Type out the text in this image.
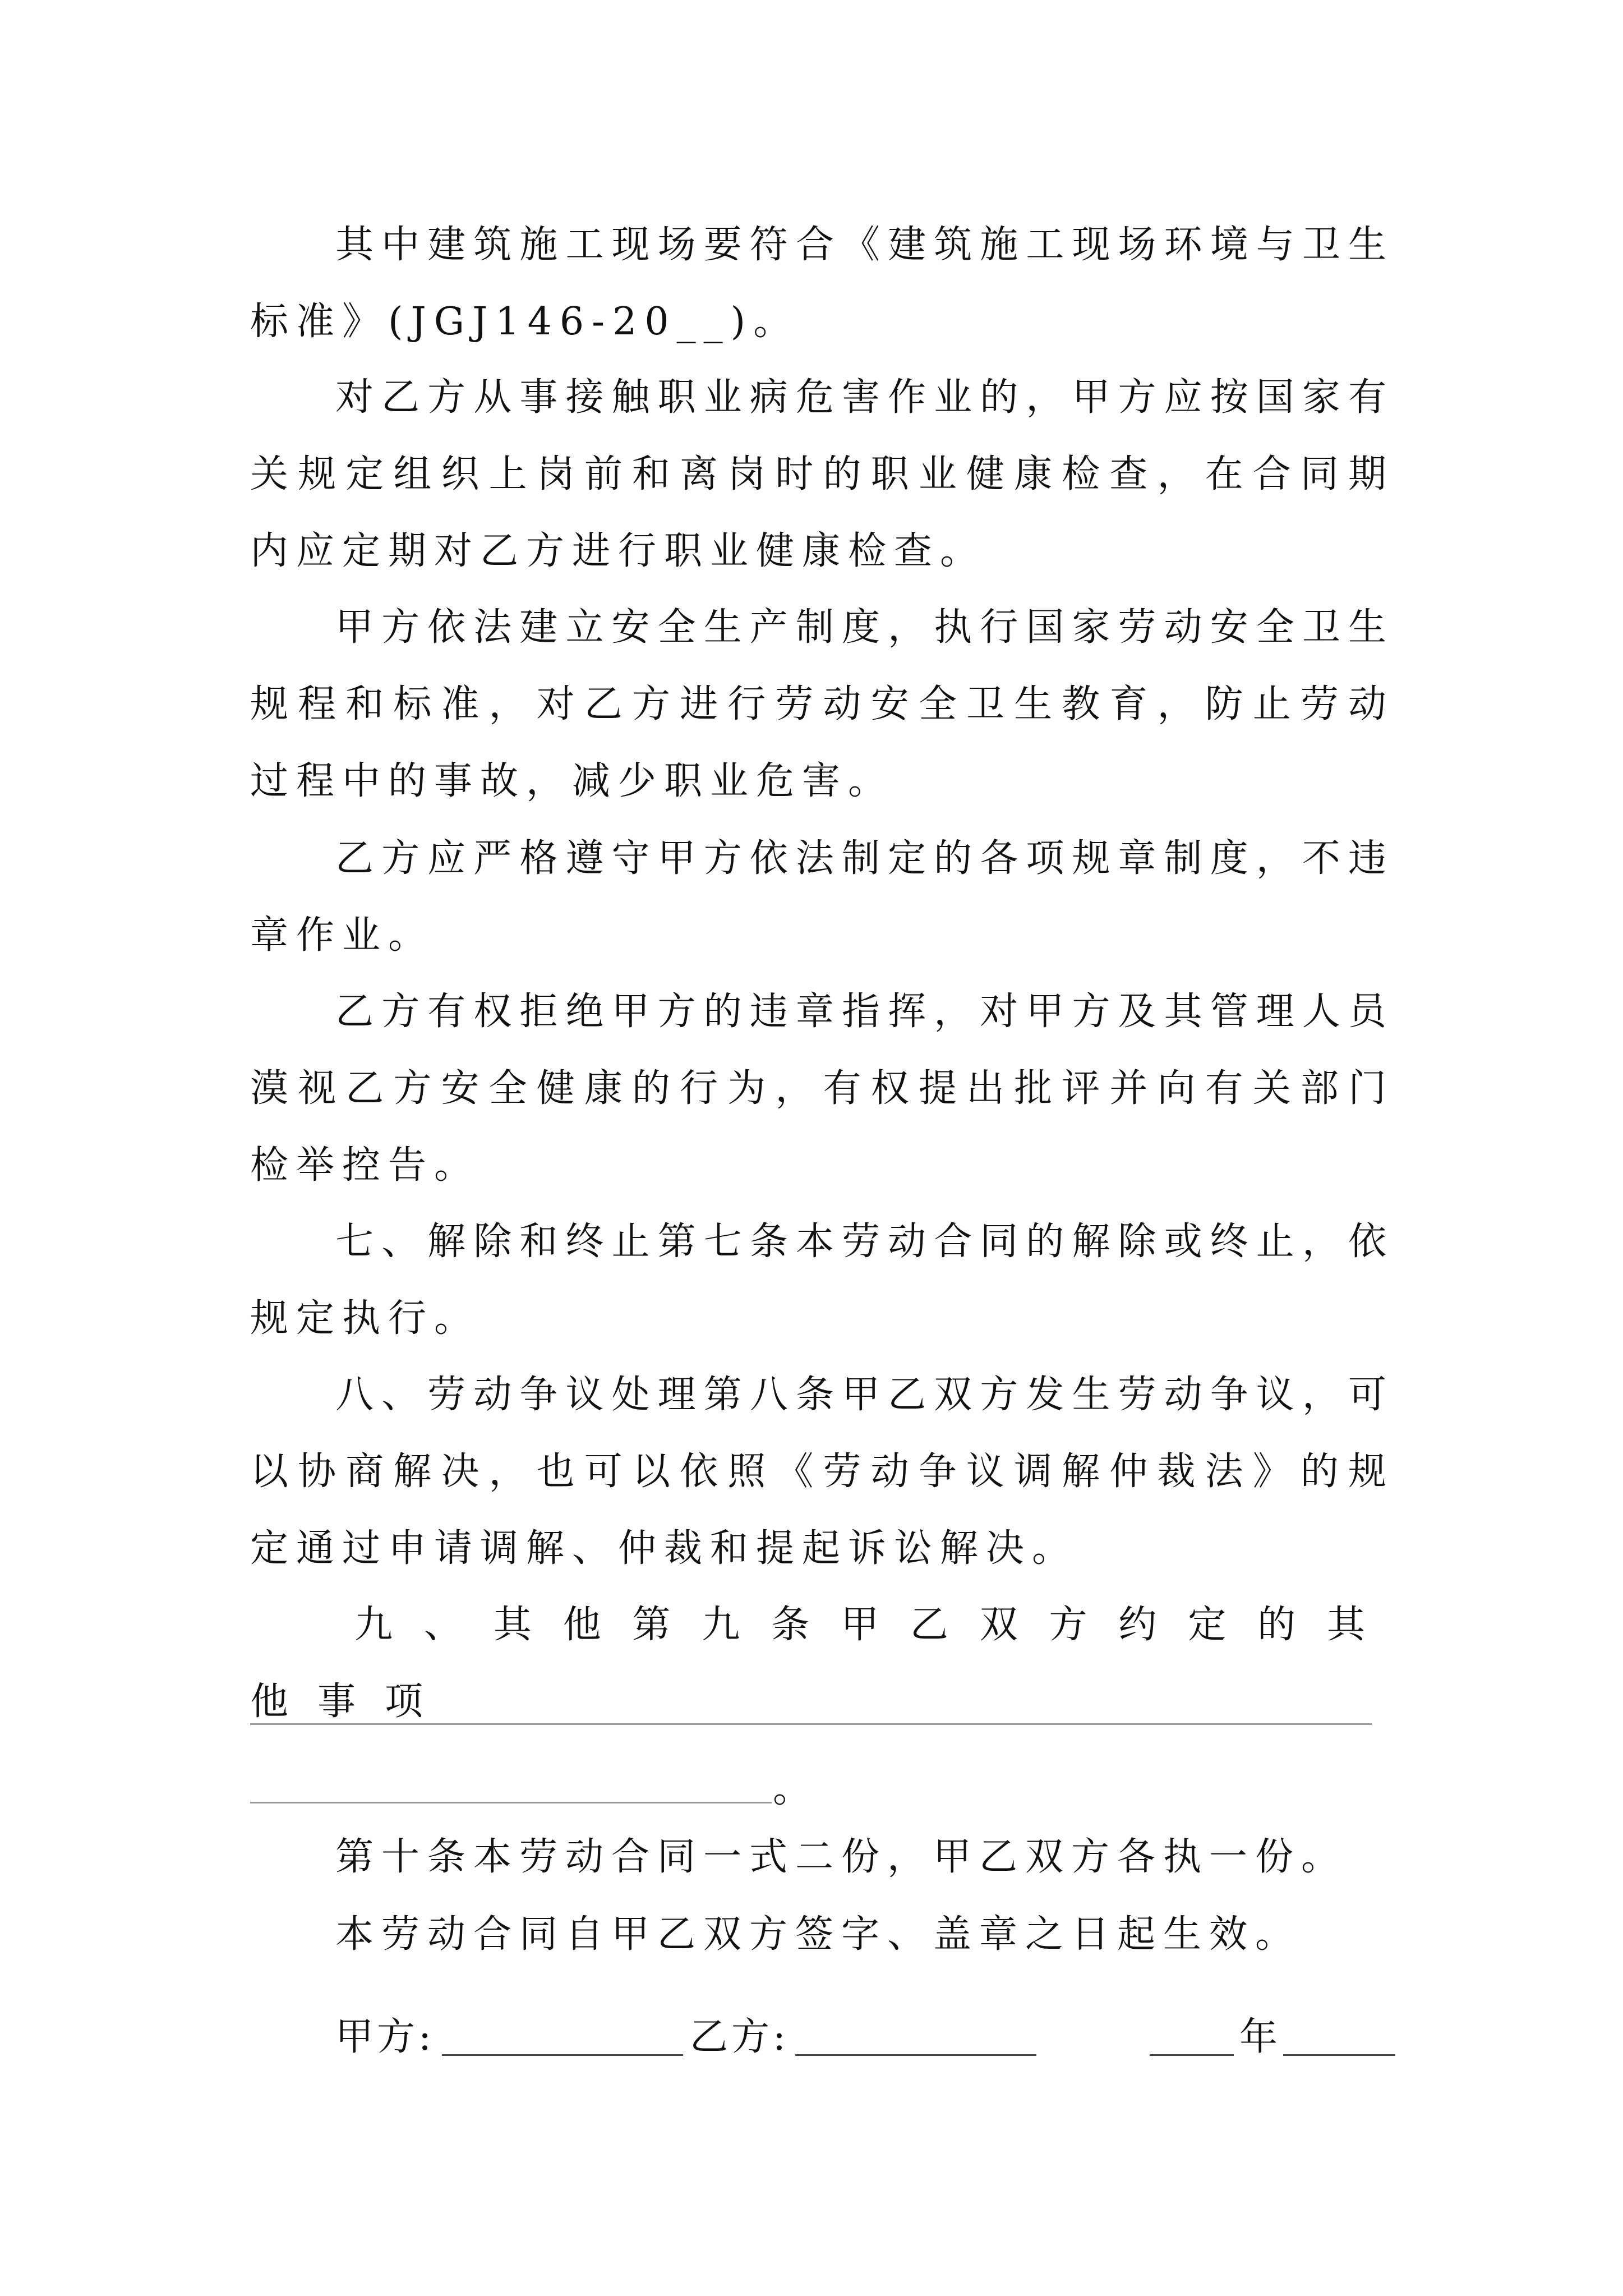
其中建筑施工现场要符合《建筑施工现场环境与卫生标准》(JGJ146-20__)。

对乙方从事接触职业病危害作业的，甲方应按国家有关规定组织上岗前和离岗时的职业健康检查，在合同期内应定期对乙方进行职业健康检查。

甲方依法建立安全生产制度，执行国家劳动安全卫生规程和标准，对乙方进行劳动安全卫生教育，防止劳动过程中的事故，减少职业危害。

乙方应严格遵守甲方依法制定的各项规章制度，不违章作业。

乙方有权拒绝甲方的违章指挥，对甲方及其管理人员漠视乙方安全健康的行为，有权提出批评并向有关部门检举控告。

七、解除和终止第七条本劳动合同的解除或终止，依规定执行。

八、劳动争议处理第八条甲乙双方发生劳动争议，可以协商解决，也可以依照《劳动争议调解仲裁法》的规定通过申请调解、仲裁和提起诉讼解决。

九、其他第九条甲乙双方约定的其他事项

。

第十条本劳动合同一式二份，甲乙双方各执一份。

本劳动合同自甲乙双方签字、盖章之日起生效。

甲方:	乙方:	年
